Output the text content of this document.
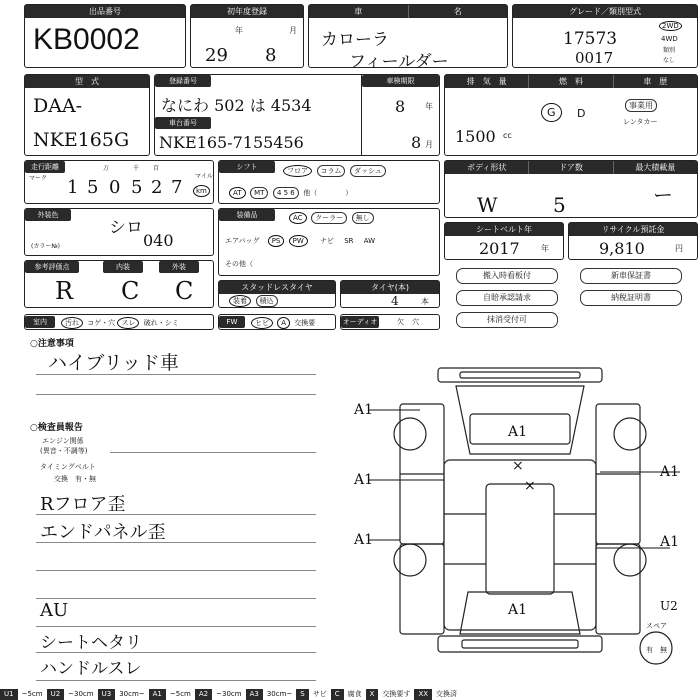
出品番号
KB0002
初年度登録
年	月
29 8
車	名
カローラ
フィールダー
グレード／類別型式
17573
0017
2WD
4WD
類別
なし
型　式
DAA-
NKE165G
登録番号
なにわ 502 は 4534
車台番号
NKE165-7155456
車検期限
8 年
8 月
排　気　量	燃　料	車　歴
1500 cc
G	D
事業用
レンタカー
走行距離
マーク
万	千 百
マイル
km
1 5 0 5 2 7
シフト	フロア コラム ダッシュ
AT MT 4 5 6 他（　　　　）
ボディ形状	ドア数	最大積載量
W	5	ー
外装色
シロ
(カラー№)	040
装備品	AC クーラー 無し
エアバッグ PS PW ナビ SR AW
その他（
シートベルト年
2017	年
リサイクル預託金
9,810	円
参考評価点	内装	外装
R C C	スタッドレスタイヤ
装着 積込
タイヤ(本)
4	本
搬入時看板付	新車保証書
自賠承認請求	納税証明書
抹消受付可
室内	汚れ コゲ・穴 スレ 破れ・シミ	FW	ヒビ A 交換要	オーディオ	欠 穴
○注意事項
ハイブリッド車
○検査員報告
エンジン関係
(異音・不調等)
タイミングベルト
交換　有・無
Rフロア歪
エンドパネル歪
AU
シートヘタリ
ハンドルスレ
A1
A1
×
×
A1	A1
A1	A1
U2
A1
スペア
有 無
U1	~5cm	U2	~30cm	U3	30cm~	A1	~5cm	A2	~30cm	A3	30cm~	S	サビ	C	腐食	X	交換要す	XX	交換済
